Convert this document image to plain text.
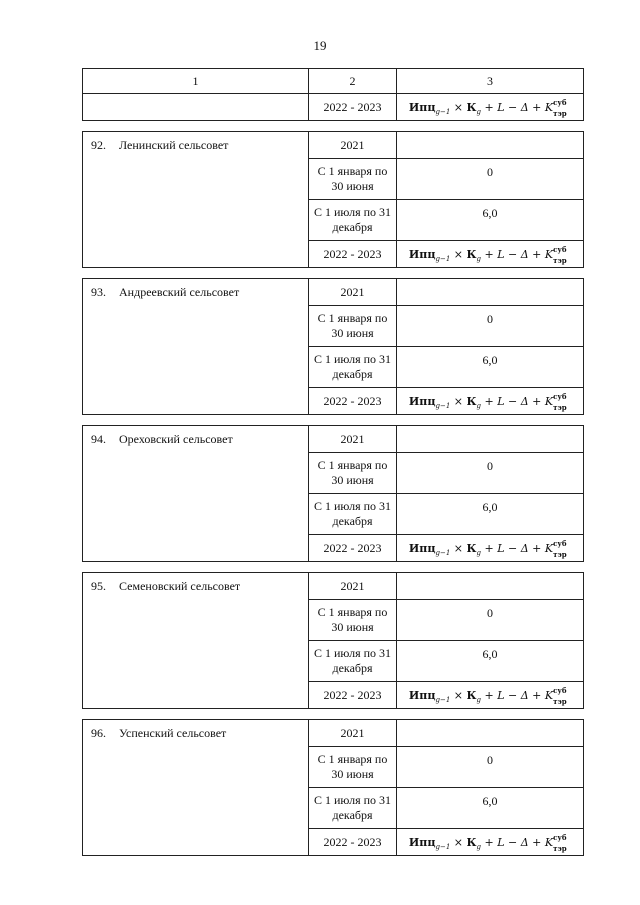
19
1	2	3
	2022 - 2023	$Ипц_{g-1} \times К_g + L - \Delta + K$ суб
тэр

92. Ленинский сельсовет	2021	
	С 1 января по 30 июня	0
	С 1 июля по 31 декабря	6,0
	2022 - 2023	$Ипц_{g-1} \times К_g + L - \Delta + K$ суб
тэр

93. Андреевский сельсовет	2021	
	С 1 января по 30 июня	0
	С 1 июля по 31 декабря	6,0
	2022 - 2023	$Ипц_{g-1} \times К_g + L - \Delta + K$ суб
тэр

94. Ореховский сельсовет	2021	
	С 1 января по 30 июня	0
	С 1 июля по 31 декабря	6,0
	2022 - 2023	$Ипц_{g-1} \times К_g + L - \Delta + K$ суб
тэр

95. Семеновский сельсовет	2021	
	С 1 января по 30 июня	0
	С 1 июля по 31 декабря	6,0
	2022 - 2023	$Ипц_{g-1} \times К_g + L - \Delta + K$ суб
тэр

96. Успенский сельсовет	2021	
	С 1 января по 30 июня	0
	С 1 июля по 31 декабря	6,0
	2022 - 2023	$Ипц_{g-1} \times К_g + L - \Delta + K$ суб
тэр
